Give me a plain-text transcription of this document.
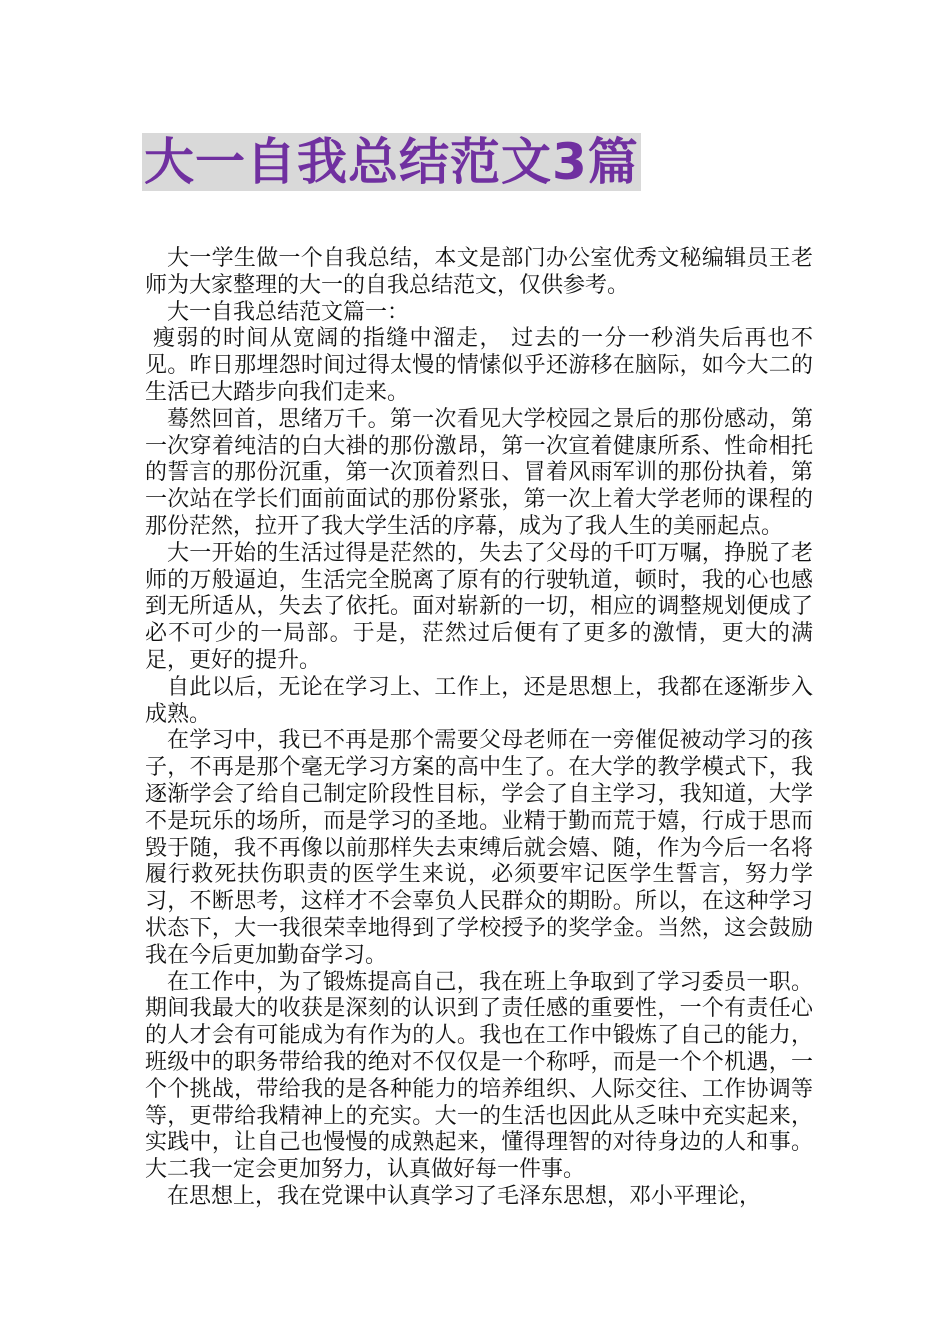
大一自我总结范文3篇

大一学生做一个自我总结，本文是部门办公室优秀文秘编辑员王老师为大家整理的大一的自我总结范文，仅供参考。

大一自我总结范文篇一：

瘦弱的时间从宽阔的指缝中溜走， 过去的一分一秒消失后再也不见。昨日那埋怨时间过得太慢的情愫似乎还游移在脑际，如今大二的生活已大踏步向我们走来。

蓦然回首，思绪万千。第一次看见大学校园之景后的那份感动，第一次穿着纯洁的白大褂的那份激昂，第一次宣着健康所系、性命相托的誓言的那份沉重，第一次顶着烈日、冒着风雨军训的那份执着，第一次站在学长们面前面试的那份紧张，第一次上着大学老师的课程的那份茫然，拉开了我大学生活的序幕，成为了我人生的美丽起点。

大一开始的生活过得是茫然的，失去了父母的千叮万嘱，挣脱了老师的万般逼迫，生活完全脱离了原有的行驶轨道，顿时，我的心也感到无所适从，失去了依托。面对崭新的一切，相应的调整规划便成了必不可少的一局部。于是，茫然过后便有了更多的激情，更大的满足，更好的提升。

自此以后，无论在学习上、工作上，还是思想上，我都在逐渐步入成熟。

在学习中，我已不再是那个需要父母老师在一旁催促被动学习的孩子，不再是那个毫无学习方案的高中生了。在大学的教学模式下，我逐渐学会了给自己制定阶段性目标，学会了自主学习，我知道，大学不是玩乐的场所，而是学习的圣地。业精于勤而荒于嬉，行成于思而毁于随，我不再像以前那样失去束缚后就会嬉、随，作为今后一名将履行救死扶伤职责的医学生来说，必须要牢记医学生誓言，努力学习，不断思考，这样才不会辜负人民群众的期盼。所以，在这种学习状态下，大一我很荣幸地得到了学校授予的奖学金。当然，这会鼓励我在今后更加勤奋学习。

在工作中，为了锻炼提高自己，我在班上争取到了学习委员一职。期间我最大的收获是深刻的认识到了责任感的重要性，一个有责任心的人才会有可能成为有作为的人。我也在工作中锻炼了自己的能力，班级中的职务带给我的绝对不仅仅是一个称呼，而是一个个机遇，一个个挑战，带给我的是各种能力的培养组织、人际交往、工作协调等等，更带给我精神上的充实。大一的生活也因此从乏味中充实起来，实践中，让自己也慢慢的成熟起来，懂得理智的对待身边的人和事。大二我一定会更加努力，认真做好每一件事。

在思想上，我在党课中认真学习了毛泽东思想，邓小平理论，
